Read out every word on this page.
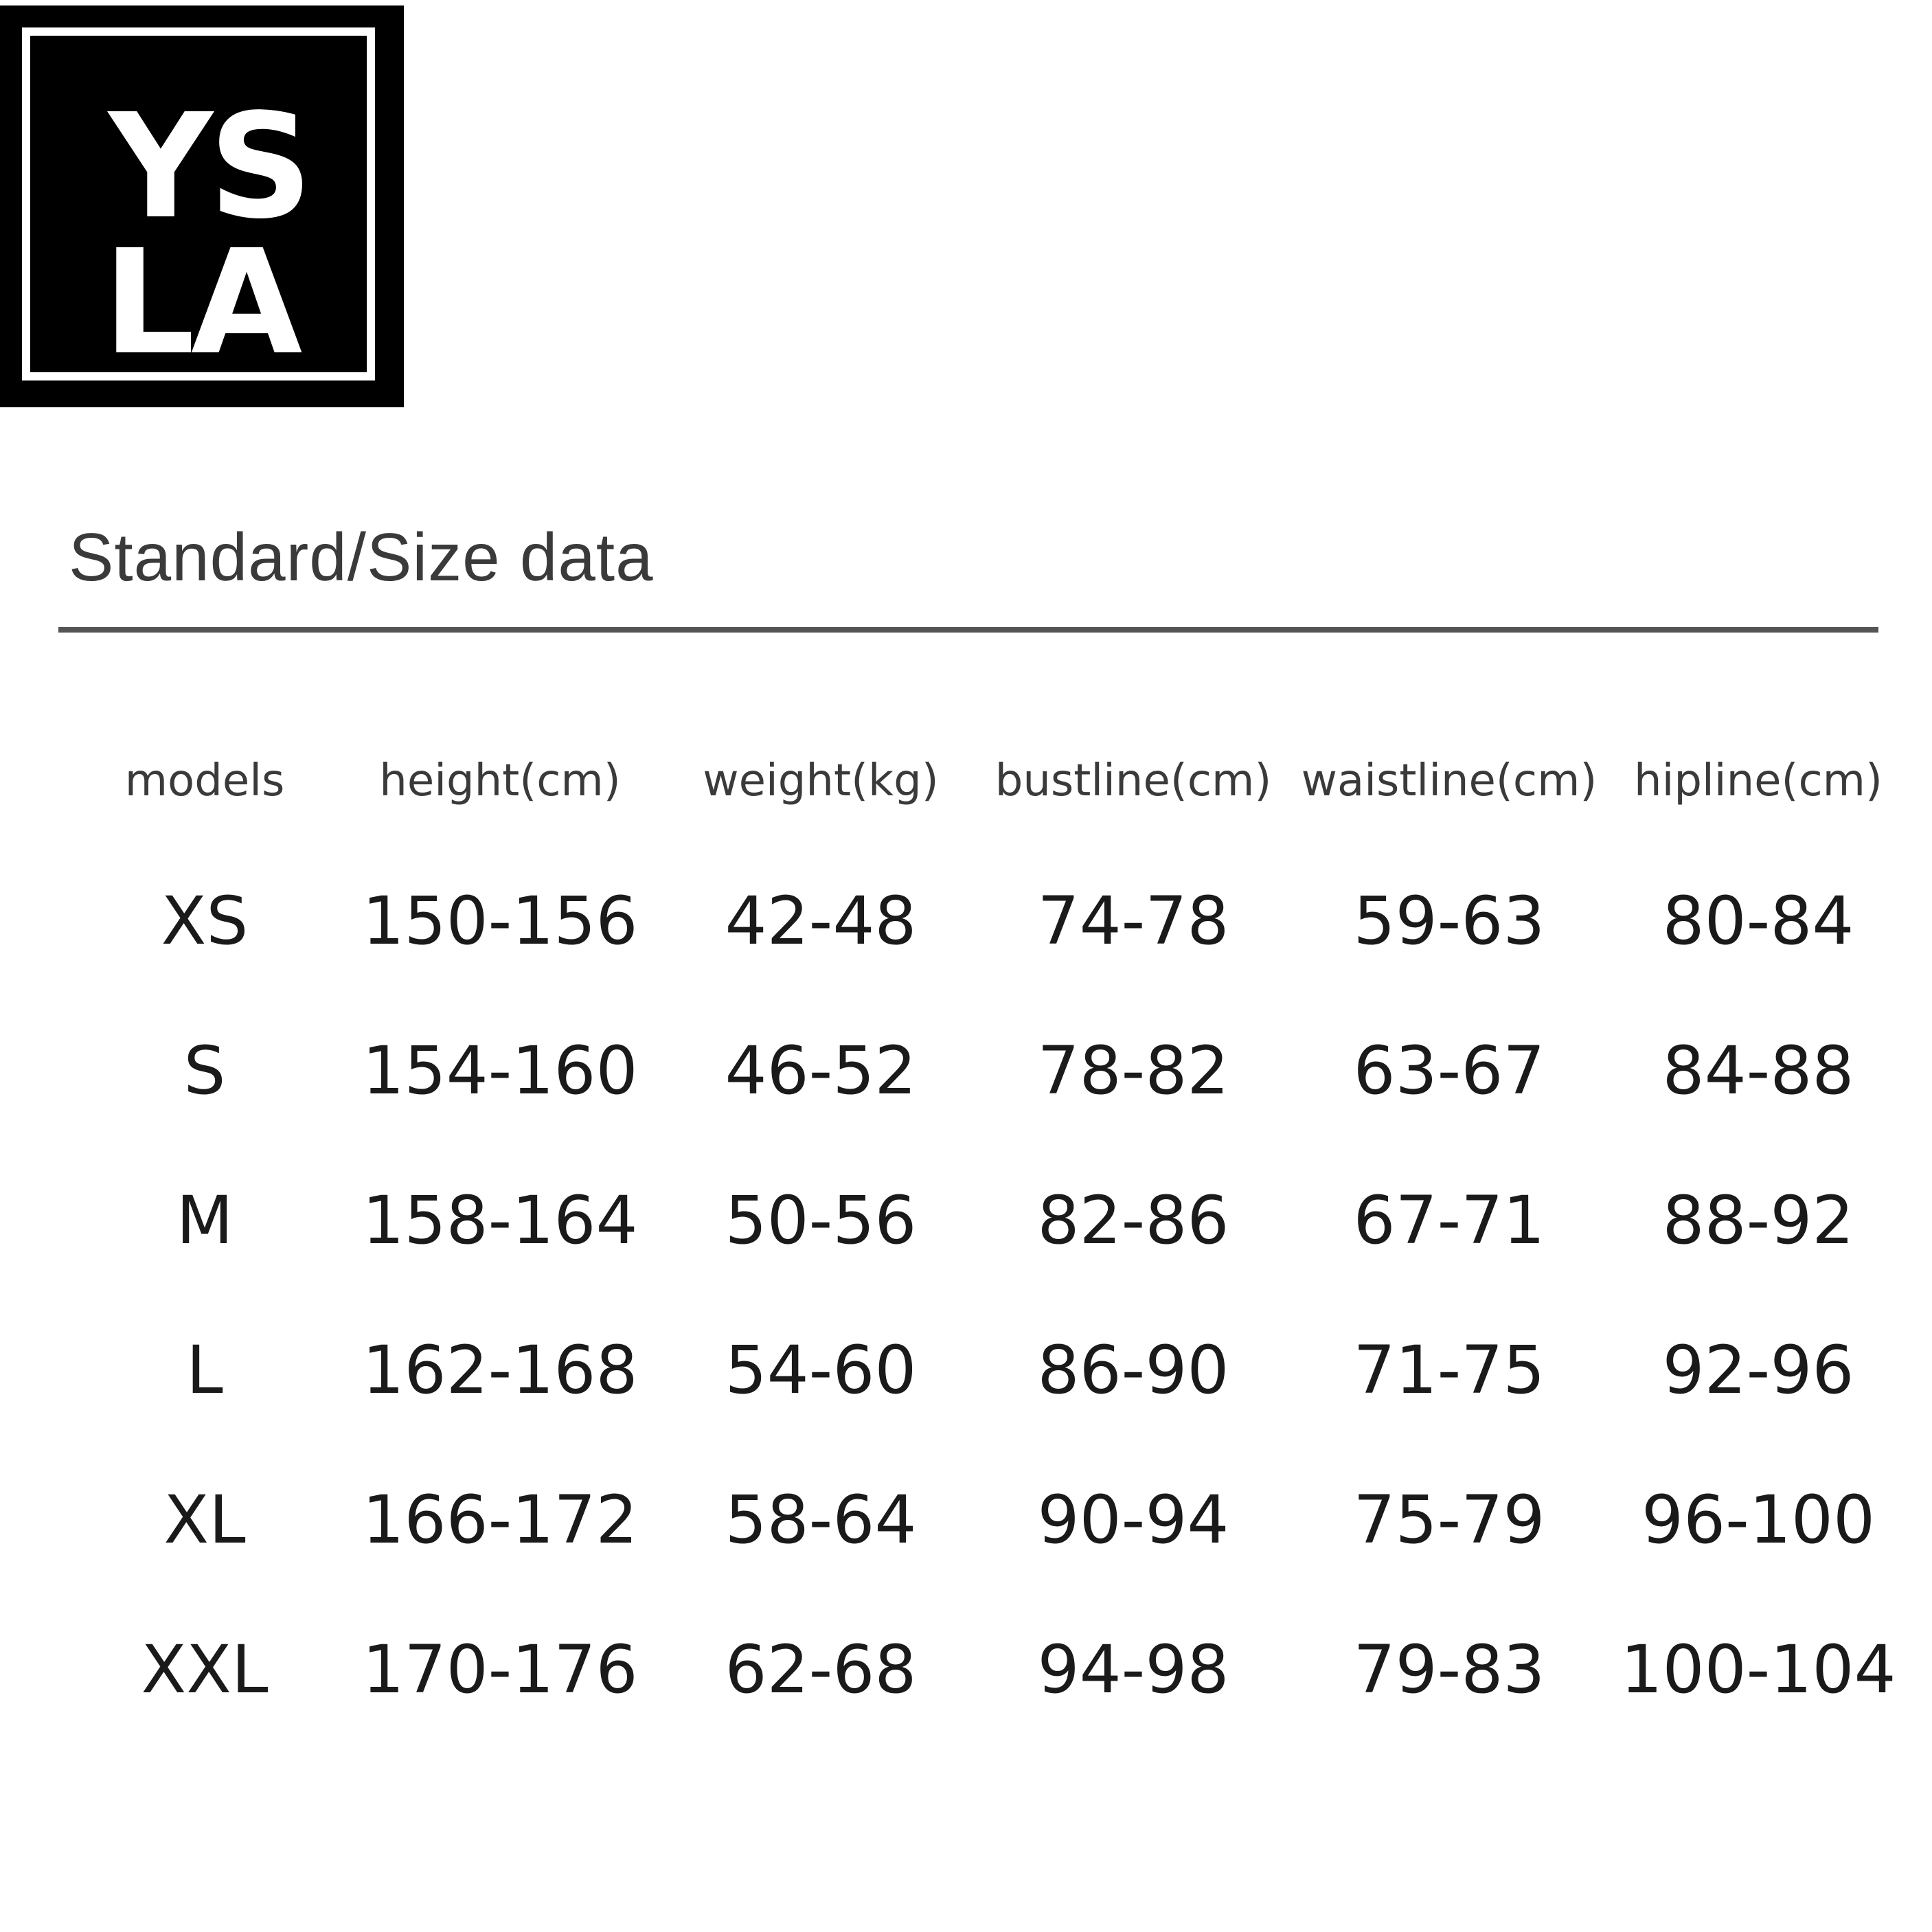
YS
LA
Standard/Size data
models height(cm) weight(kg) bustline(cm) waistline(cm) hipline(cm)
XS 150-156 42-48 74-78 59-63 80-84
S 154-160 46-52 78-82 63-67 84-88
M 158-164 50-56 82-86 67-71 88-92
L 162-168 54-60 86-90 71-75 92-96
XL 166-172 58-64 90-94 75-79 96-100
XXL 170-176 62-68 94-98 79-83 100-104
